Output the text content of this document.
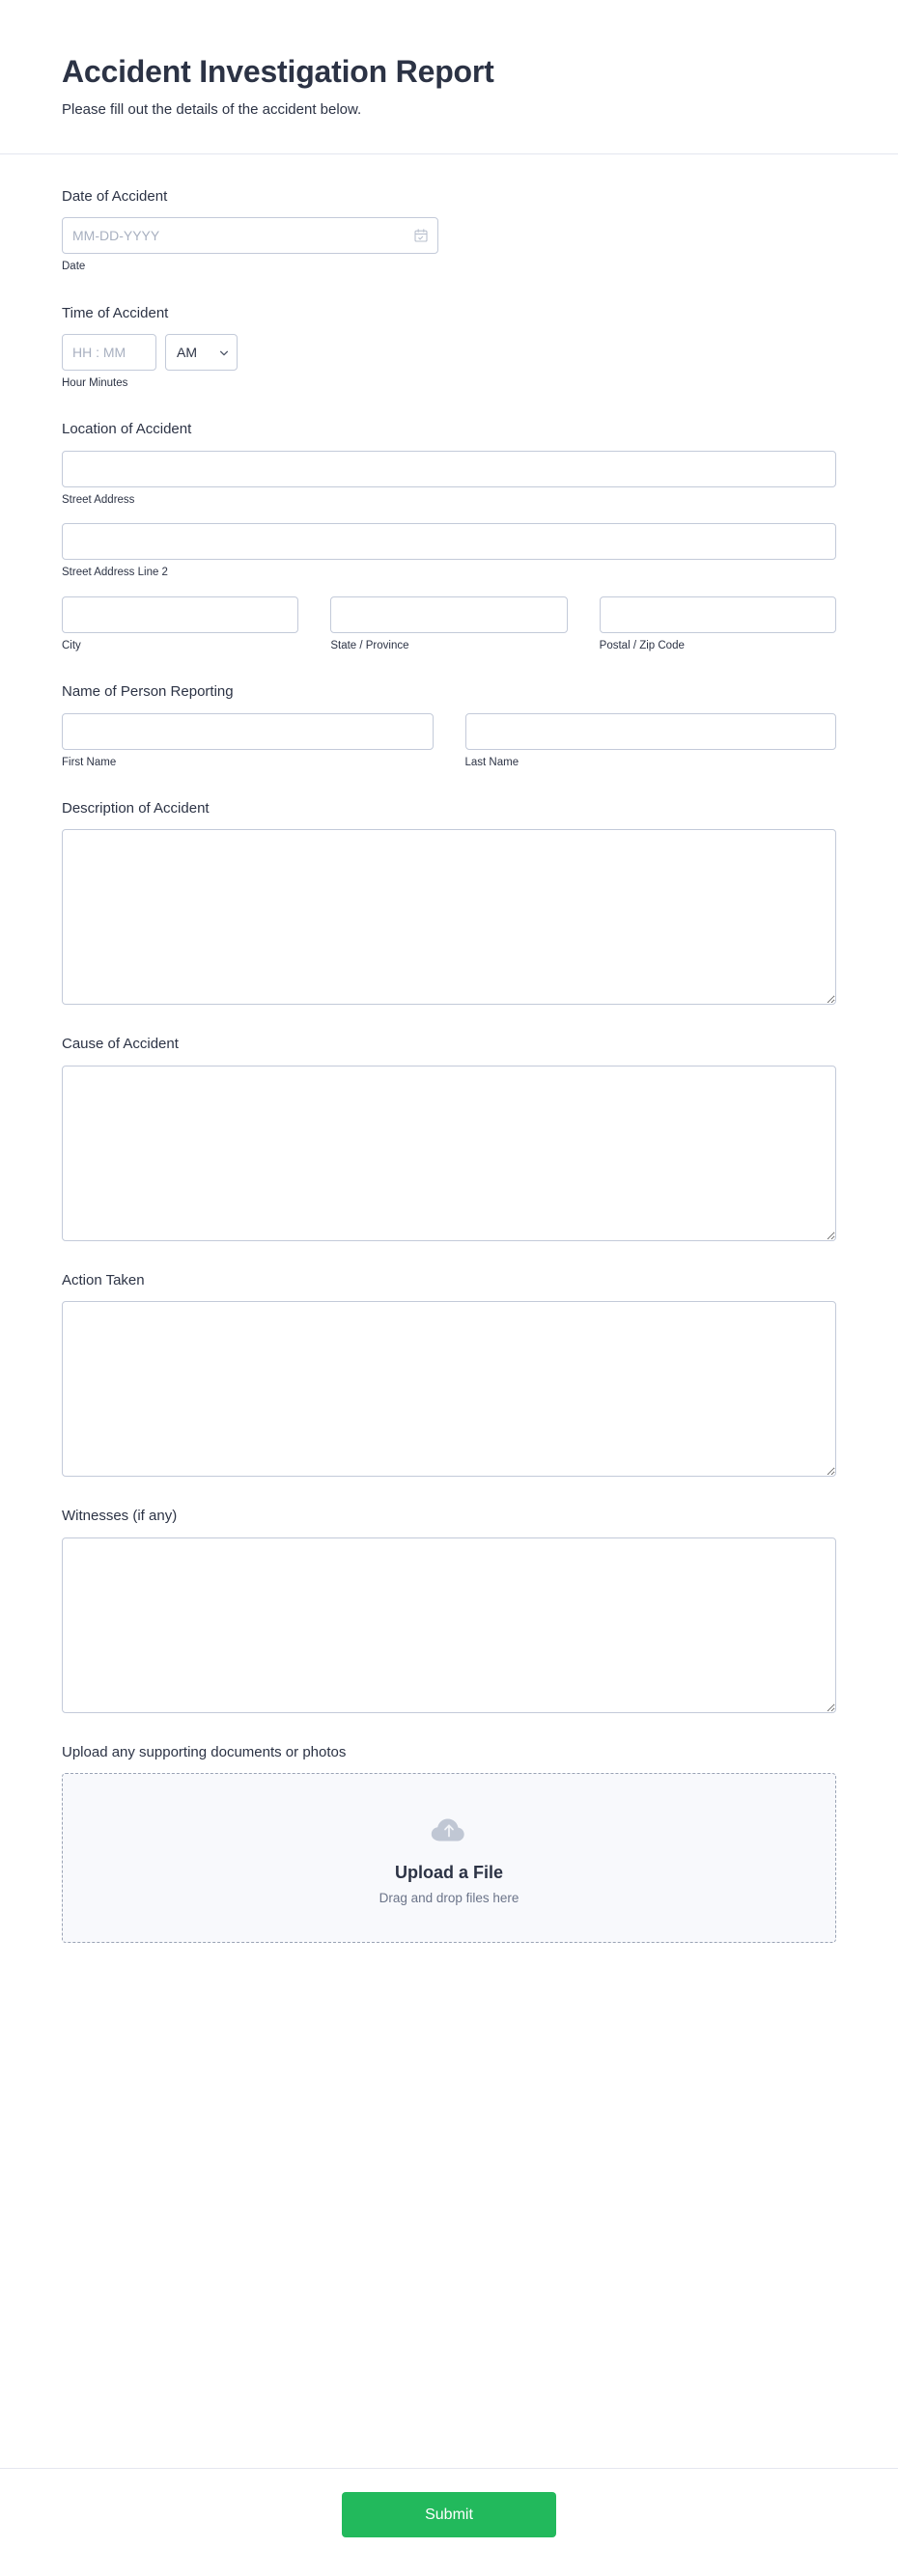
Accident Investigation Report

Please fill out the details of the accident below.

Date of Accident
MM-DD-YYYY
Date
Time of Accident
HH : MM
AM
Hour Minutes
Location of Accident
Street Address
Street Address Line 2
City	State / Province	Postal / Zip Code
Name of Person Reporting
First Name	Last Name
Description of Accident
Cause of Accident
Action Taken
Witnesses (if any)
Upload any supporting documents or photos
Upload a File
Drag and drop files here
Submit
